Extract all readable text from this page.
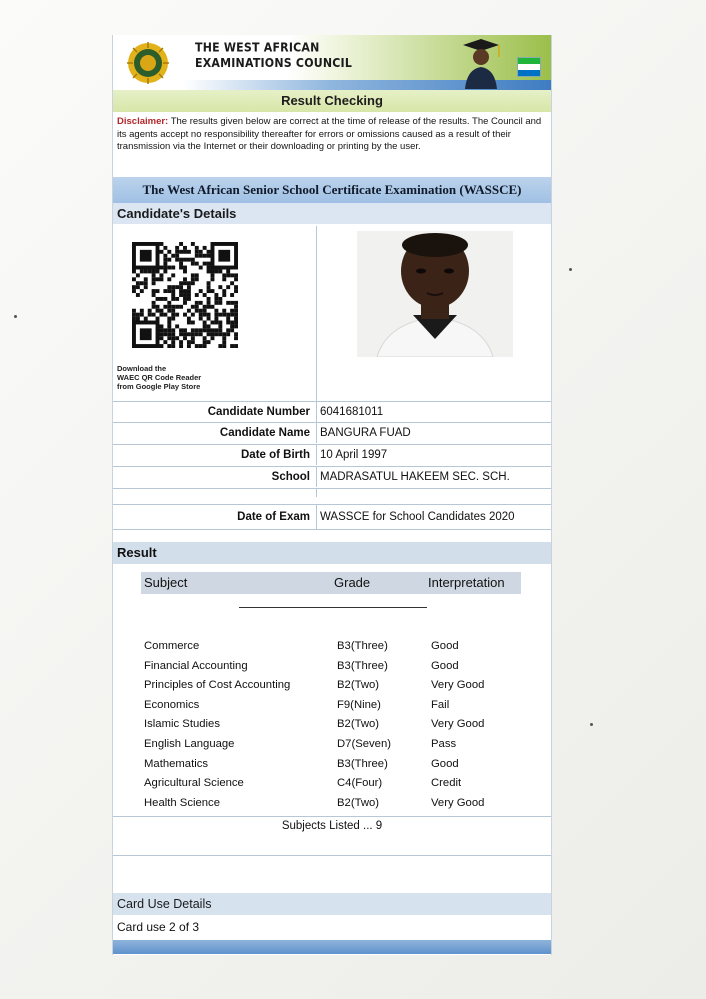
THE WEST AFRICAN
EXAMINATIONS COUNCIL
Result Checking
Disclaimer: The results given below are correct at the time of release of the results. The Council and its agents accept no responsibility thereafter for errors or omissions caused as a result of their transmission via the Internet or their downloading or printing by the user.
The West African Senior School Certificate Examination (WASSCE)
Candidate's Details
Download the
WAEC QR Code Reader
from Google Play Store
Candidate Number 6041681011
Candidate Name BANGURA FUAD
Date of Birth 10 April 1997
School MADRASATUL HAKEEM SEC. SCH.
Date of Exam WASSCE for School Candidates 2020
Result
Subject	Grade	Interpretation
Commerce	B3(Three)	Good
Financial Accounting	B3(Three)	Good
Principles of Cost Accounting	B2(Two)	Very Good
Economics	F9(Nine)	Fail
Islamic Studies	B2(Two)	Very Good
English Language	D7(Seven)	Pass
Mathematics	B3(Three)	Good
Agricultural Science	C4(Four)	Credit
Health Science	B2(Two)	Very Good
Subjects Listed ... 9
Card Use Details
Card use 2 of 3
